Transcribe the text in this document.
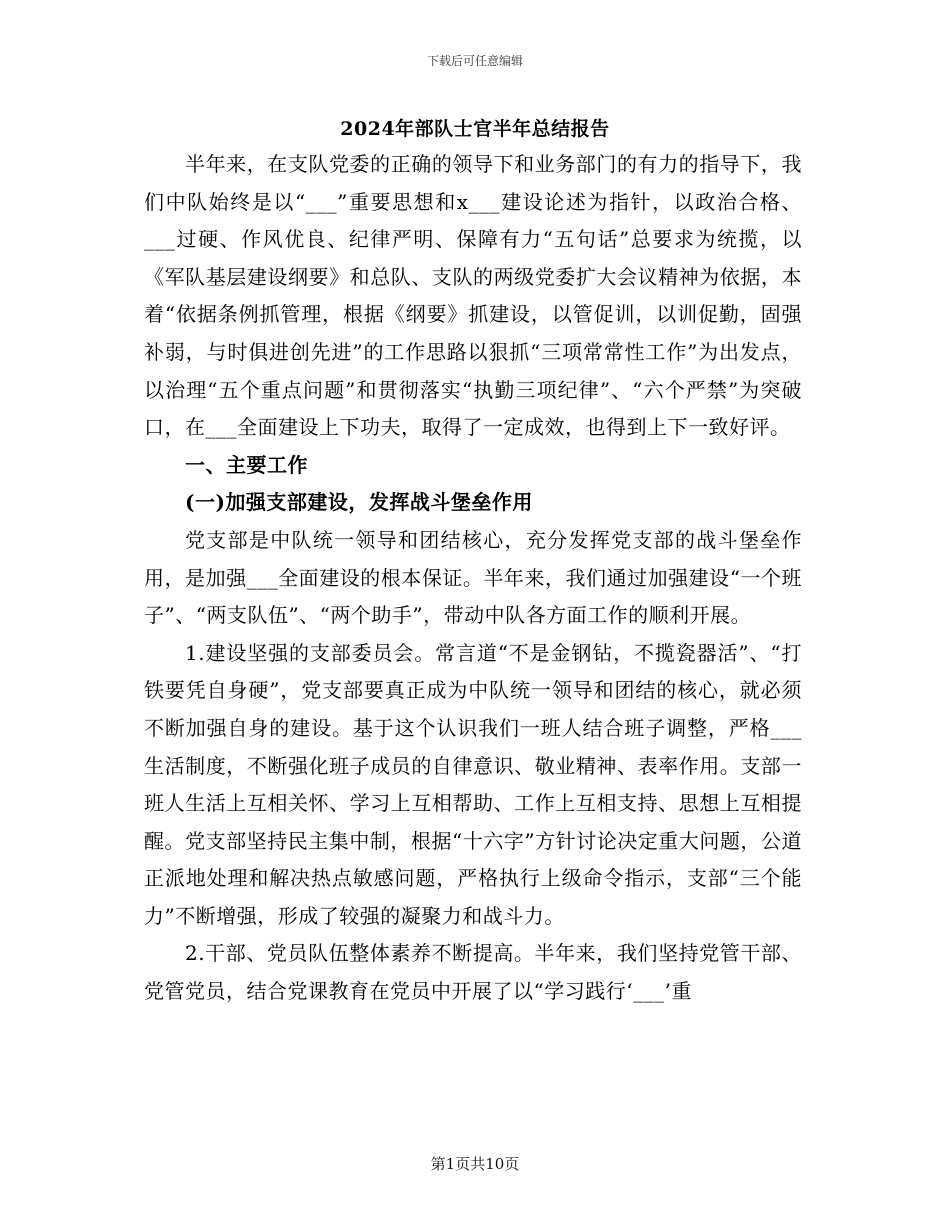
下载后可任意编辑
2024年部队士官半年总结报告

半年来，在支队党委的正确的领导下和业务部门的有力的指导下，我们中队始终是以“___”重要思想和x___建设论述为指针，以政治合格、___过硬、作风优良、纪律严明、保障有力“五句话”总要求为统揽，以《军队基层建设纲要》和总队、支队的两级党委扩大会议精神为依据，本着“依据条例抓管理，根据《纲要》抓建设，以管促训，以训促勤，固强补弱，与时俱进创先进”的工作思路以狠抓“三项常常性工作”为出发点，以治理“五个重点问题”和贯彻落实“执勤三项纪律”、“六个严禁”为突破口，在___全面建设上下功夫，取得了一定成效，也得到上下一致好评。

一、主要工作

(一)加强支部建设，发挥战斗堡垒作用

党支部是中队统一领导和团结核心，充分发挥党支部的战斗堡垒作用，是加强___全面建设的根本保证。半年来，我们通过加强建设“一个班子”、“两支队伍”、“两个助手”，带动中队各方面工作的顺利开展。

1.建设坚强的支部委员会。常言道“不是金钢钻，不揽瓷器活”、“打铁要凭自身硬”，党支部要真正成为中队统一领导和团结的核心，就必须不断加强自身的建设。基于这个认识我们一班人结合班子调整，严格___生活制度，不断强化班子成员的自律意识、敬业精神、表率作用。支部一班人生活上互相关怀、学习上互相帮助、工作上互相支持、思想上互相提醒。党支部坚持民主集中制，根据“十六字”方针讨论决定重大问题，公道正派地处理和解决热点敏感问题，严格执行上级命令指示，支部“三个能力”不断增强，形成了较强的凝聚力和战斗力。

2.干部、党员队伍整体素养不断提高。半年来，我们坚持党管干部、党管党员，结合党课教育在党员中开展了以“学习践行‘___’重

第1页共10页
